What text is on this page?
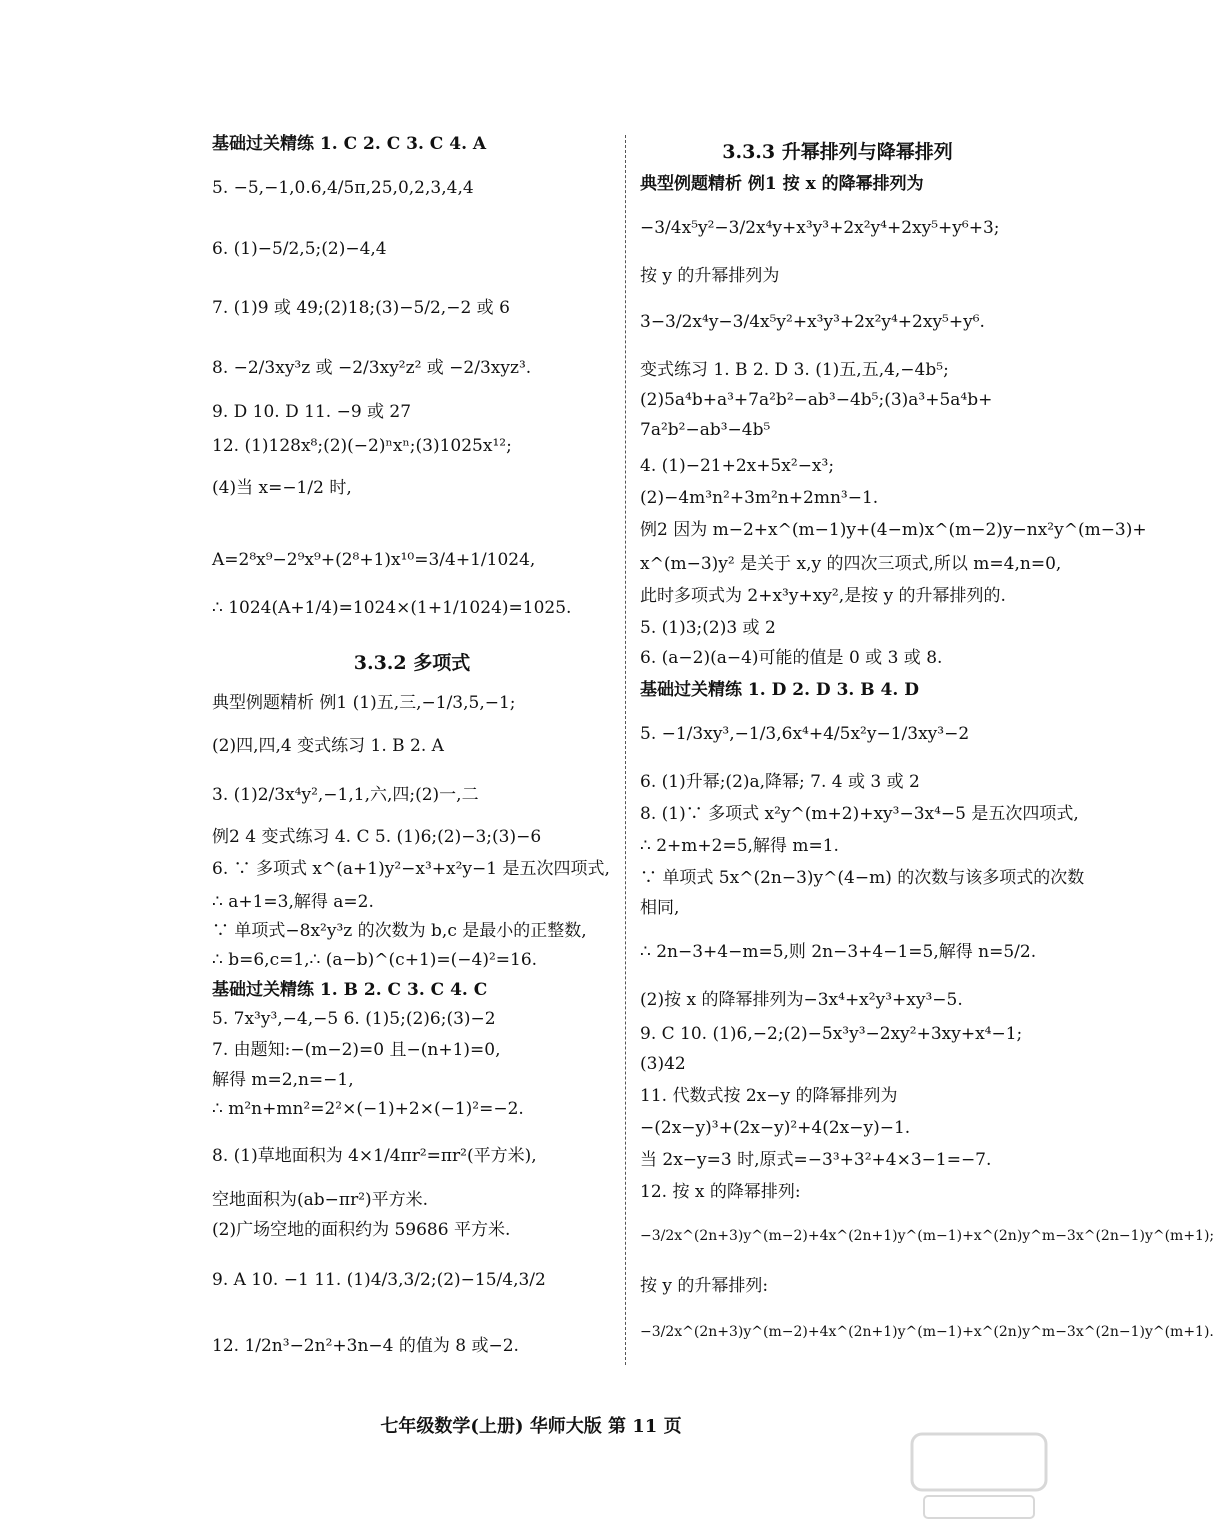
基础过关精练 1. C 2. C 3. C 4. A
5. −5,−1,0.6,4/5π,25,0,2,3,4,4
6. (1)−5/2,5;(2)−4,4
7. (1)9 或 49;(2)18;(3)−5/2,−2 或 6
8. −2/3xy³z 或 −2/3xy²z² 或 −2/3xyz³.
9. D 10. D 11. −9 或 27
12. (1)128x⁸;(2)(−2)ⁿxⁿ;(3)1025x¹²;
(4)当 x=−1/2 时,
A=2⁸x⁹−2⁹x⁹+(2⁸+1)x¹⁰=3/4+1/1024,
∴ 1024(A+1/4)=1024×(1+1/1024)=1025.
3.3.2 多项式
典型例题精析 例1 (1)五,三,−1/3,5,−1;
(2)四,四,4 变式练习 1. B 2. A
3. (1)2/3x⁴y²,−1,1,六,四;(2)一,二
例2 4 变式练习 4. C 5. (1)6;(2)−3;(3)−6
6. ∵ 多项式 x^(a+1)y²−x³+x²y−1 是五次四项式,
∴ a+1=3,解得 a=2.
∵ 单项式−8x²y³z 的次数为 b,c 是最小的正整数,
∴ b=6,c=1,∴ (a−b)^(c+1)=(−4)²=16.
基础过关精练 1. B 2. C 3. C 4. C
5. 7x³y³,−4,−5 6. (1)5;(2)6;(3)−2
7. 由题知:−(m−2)=0 且−(n+1)=0,
解得 m=2,n=−1,
∴ m²n+mn²=2²×(−1)+2×(−1)²=−2.
8. (1)草地面积为 4×1/4πr²=πr²(平方米),
空地面积为(ab−πr²)平方米.
(2)广场空地的面积约为 59686 平方米.
9. A 10. −1 11. (1)4/3,3/2;(2)−15/4,3/2
12. 1/2n³−2n²+3n−4 的值为 8 或−2.
3.3.3 升幂排列与降幂排列
典型例题精析 例1 按 x 的降幂排列为
−3/4x⁵y²−3/2x⁴y+x³y³+2x²y⁴+2xy⁵+y⁶+3;
按 y 的升幂排列为
3−3/2x⁴y−3/4x⁵y²+x³y³+2x²y⁴+2xy⁵+y⁶.
变式练习 1. B 2. D 3. (1)五,五,4,−4b⁵;
(2)5a⁴b+a³+7a²b²−ab³−4b⁵;(3)a³+5a⁴b+
7a²b²−ab³−4b⁵
4. (1)−21+2x+5x²−x³;
(2)−4m³n²+3m²n+2mn³−1.
例2 因为 m−2+x^(m−1)y+(4−m)x^(m−2)y−nx²y^(m−3)+
x^(m−3)y² 是关于 x,y 的四次三项式,所以 m=4,n=0,
此时多项式为 2+x³y+xy²,是按 y 的升幂排列的.
5. (1)3;(2)3 或 2
6. (a−2)(a−4)可能的值是 0 或 3 或 8.
基础过关精练 1. D 2. D 3. B 4. D
5. −1/3xy³,−1/3,6x⁴+4/5x²y−1/3xy³−2
6. (1)升幂;(2)a,降幂; 7. 4 或 3 或 2
8. (1)∵ 多项式 x²y^(m+2)+xy³−3x⁴−5 是五次四项式,
∴ 2+m+2=5,解得 m=1.
∵ 单项式 5x^(2n−3)y^(4−m) 的次数与该多项式的次数
相同,
∴ 2n−3+4−m=5,则 2n−3+4−1=5,解得 n=5/2.
(2)按 x 的降幂排列为−3x⁴+x²y³+xy³−5.
9. C 10. (1)6,−2;(2)−5x³y³−2xy²+3xy+x⁴−1;
(3)42
11. 代数式按 2x−y 的降幂排列为
−(2x−y)³+(2x−y)²+4(2x−y)−1.
当 2x−y=3 时,原式=−3³+3²+4×3−1=−7.
12. 按 x 的降幂排列:
−3/2x^(2n+3)y^(m−2)+4x^(2n+1)y^(m−1)+x^(2n)y^m−3x^(2n−1)y^(m+1);
按 y 的升幂排列:
−3/2x^(2n+3)y^(m−2)+4x^(2n+1)y^(m−1)+x^(2n)y^m−3x^(2n−1)y^(m+1).
七年级数学(上册) 华师大版 第 11 页
